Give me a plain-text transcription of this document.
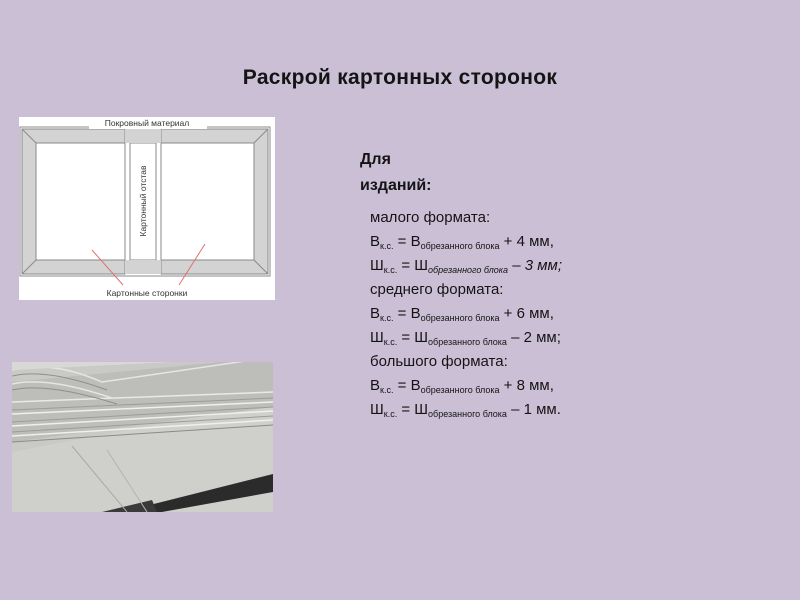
Раскрой картонных сторонок
Покровный материал
Картонный отстав
Картонные сторонки
Для
изданий:
малого формата:
$В_{к.с.} = В_{обрезанного блока} + 4$ мм,
$Ш_{к.с.} = Ш_{обрезанного блока} - 3$ мм;
среднего формата:
$В_{к.с.} = В_{обрезанного блока} + 6$ мм,
$Ш_{к.с.} = Ш_{обрезанного блока} - 2$ мм;
большого формата:
$В_{к.с.} = В_{обрезанного блока} + 8$ мм,
$Ш_{к.с.} = Ш_{обрезанного блока} - 1$ мм.
